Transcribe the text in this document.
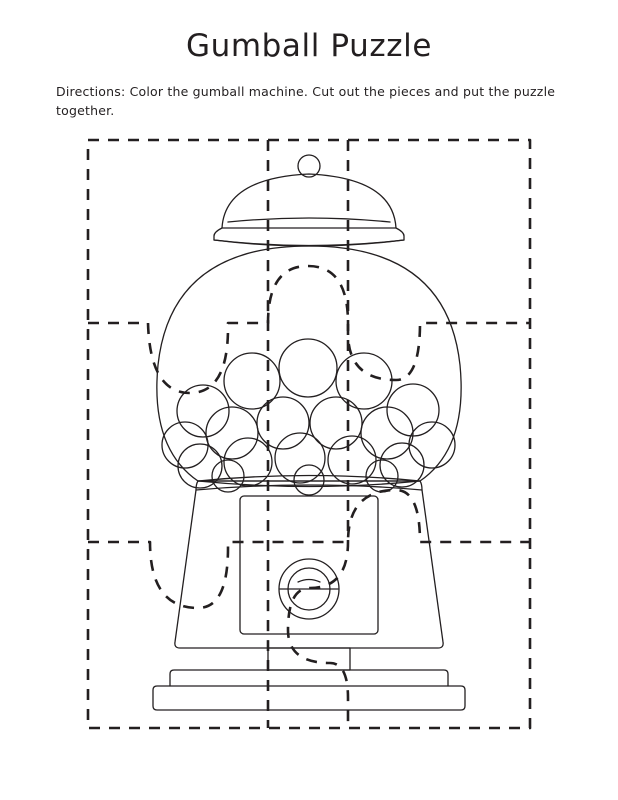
Gumball Puzzle
Directions: Color the gumball machine. Cut out the pieces and put the puzzle together.
